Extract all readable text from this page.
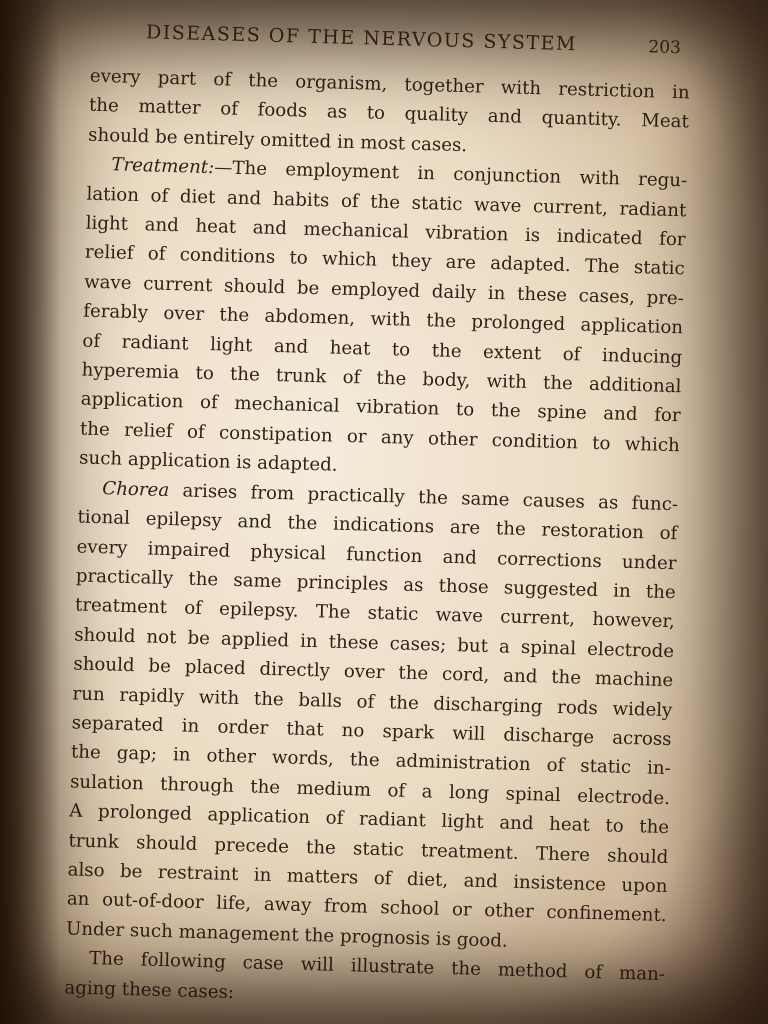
DISEASES OF THE NERVOUS SYSTEM	203
every part of the organism, together with restriction in
the matter of foods as to quality and quantity. Meat
should be entirely omitted in most cases.
Treatment:—The employment in conjunction with regu-
lation of diet and habits of the static wave current, radiant
light and heat and mechanical vibration is indicated for
relief of conditions to which they are adapted. The static
wave current should be employed daily in these cases, pre-
ferably over the abdomen, with the prolonged application
of radiant light and heat to the extent of inducing
hyperemia to the trunk of the body, with the additional
application of mechanical vibration to the spine and for
the relief of constipation or any other condition to which
such application is adapted.
Chorea arises from practically the same causes as func-
tional epilepsy and the indications are the restoration of
every impaired physical function and corrections under
practically the same principles as those suggested in the
treatment of epilepsy. The static wave current, however,
should not be applied in these cases; but a spinal electrode
should be placed directly over the cord, and the machine
run rapidly with the balls of the discharging rods widely
separated in order that no spark will discharge across
the gap; in other words, the administration of static in-
sulation through the medium of a long spinal electrode.
A prolonged application of radiant light and heat to the
trunk should precede the static treatment. There should
also be restraint in matters of diet, and insistence upon
an out-of-door life, away from school or other confinement.
Under such management the prognosis is good.
The following case will illustrate the method of man-
aging these cases:
